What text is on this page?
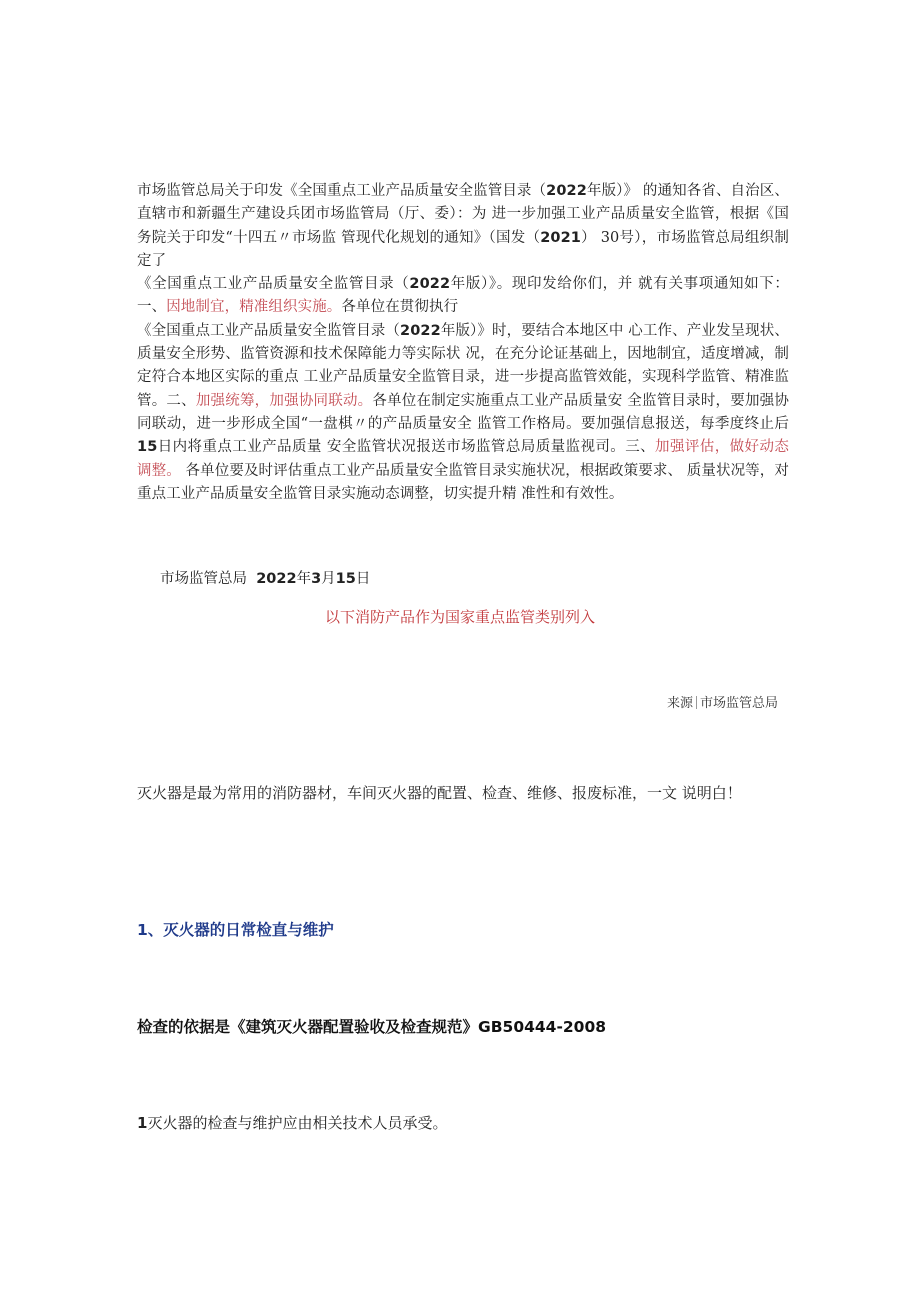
市场监管总局关于印发《全国重点工业产品质量安全监管目录（2022年版）》 的通知各省、自治区、直辖市和新疆生产建设兵团市场监管局（厅、委）：为 进一步加强工业产品质量安全监管，根据《国务院关于印发“十四五〃市场监 管现代化规划的通知》（国发（2021） 30号），市场监管总局组织制定了
《全国重点工业产品质量安全监管目录（2022年版）》。现印发给你们，并 就有关事项通知如下：一、因地制宜，精准组织实施。各单位在贯彻执行
《全国重点工业产品质量安全监管目录（2022年版）》时，要结合本地区中 心工作、产业发呈现状、质量安全形势、监管资源和技术保障能力等实际状 况，在充分论证基础上，因地制宜，适度增减，制定符合本地区实际的重点 工业产品质量安全监管目录，进一步提高监管效能，实现科学监管、精准监 管。二、加强统筹，加强协同联动。各单位在制定实施重点工业产品质量安 全监管目录时，要加强协同联动，进一步形成全国“一盘棋〃的产品质量安全 监管工作格局。要加强信息报送，每季度终止后15日内将重点工业产品质量 安全监管状况报送市场监管总局质量监视司。三、加强评估，做好动态调整。 各单位要及时评估重点工业产品质量安全监管目录实施状况，根据政策要求、 质量状况等，对重点工业产品质量安全监管目录实施动态调整，切实提升精 准性和有效性。

市场监管总局 2022年3月15日

以下消防产品作为国家重点监管类别列入

来源 市场监管总局

灭火器是最为常用的消防器材，车间灭火器的配置、检查、维修、报废标准，一文 说明白！

1、灭火器的日常检直与维护

检查的依据是《建筑灭火器配置验收及检查规范》GB50444-2008

1灭火器的检查与维护应由相关技术人员承受。
